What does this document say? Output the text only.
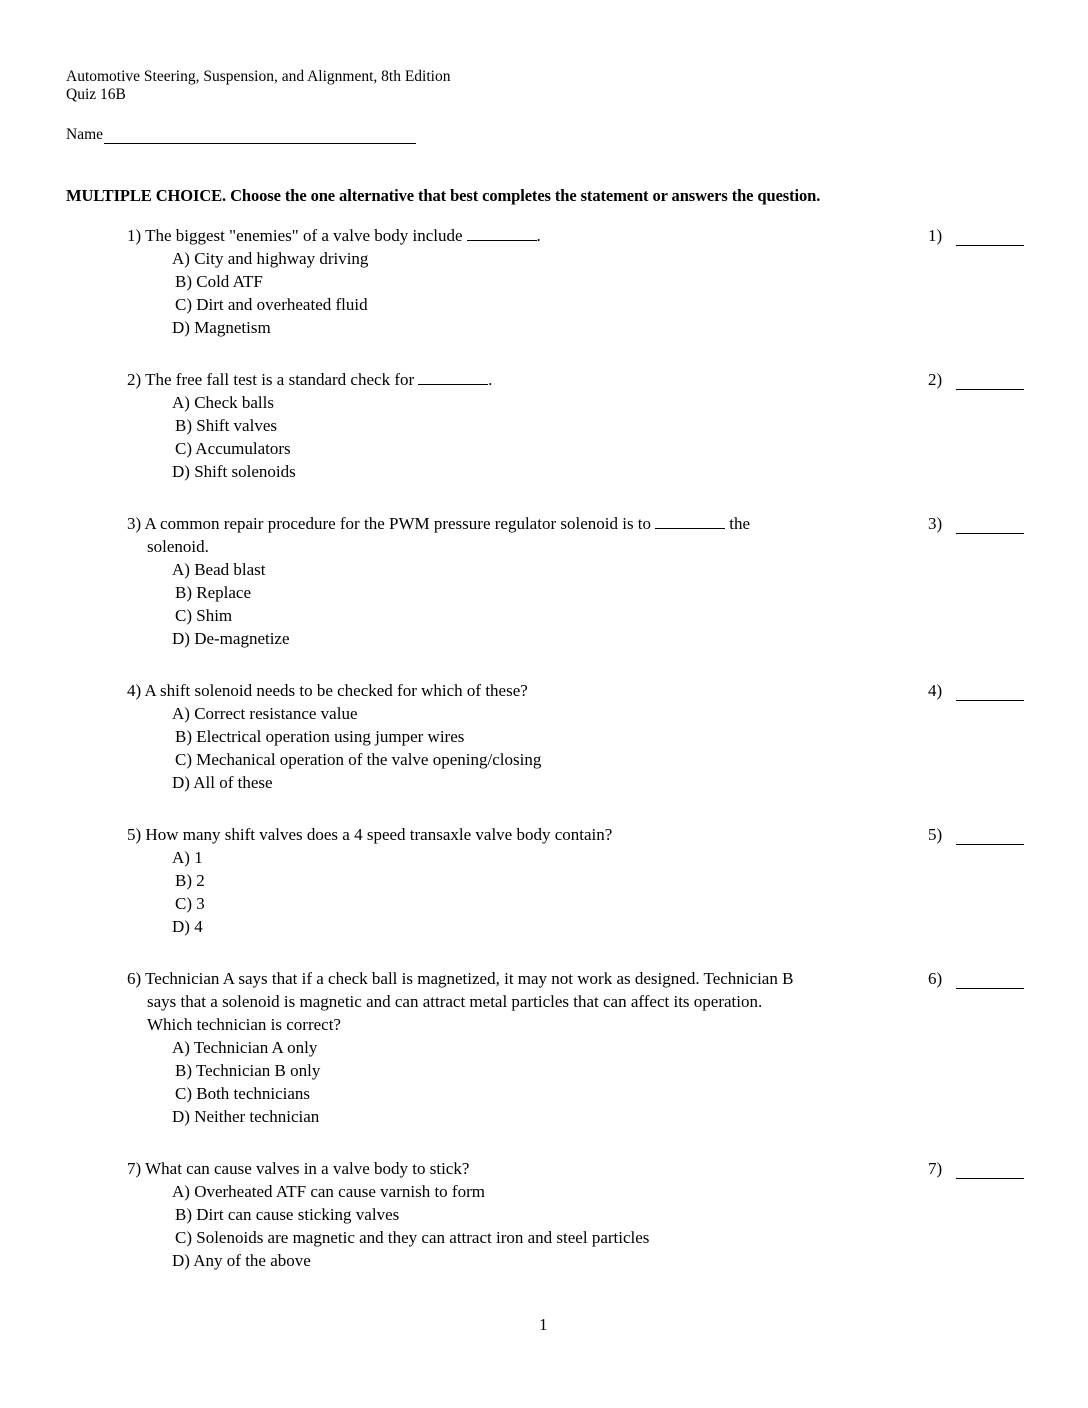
Automotive Steering, Suspension, and Alignment, 8th Edition
Quiz 16B
Name
MULTIPLE CHOICE. Choose the one alternative that best completes the statement or answers the question.
1) The biggest "enemies" of a valve body include	.
A) City and highway driving
B) Cold ATF
C) Dirt and overheated fluid
D) Magnetism
1)
2) The free fall test is a standard check for	.
A) Check balls
B) Shift valves
C) Accumulators
D) Shift solenoids
2)
3) A common repair procedure for the PWM pressure regulator solenoid is to	the
solenoid.
A) Bead blast
B) Replace
C) Shim
D) De-magnetize
3)
4) A shift solenoid needs to be checked for which of these?
A) Correct resistance value
B) Electrical operation using jumper wires
C) Mechanical operation of the valve opening/closing
D) All of these
4)
5) How many shift valves does a 4 speed transaxle valve body contain?
A) 1
B) 2
C) 3
D) 4
5)
6) Technician A says that if a check ball is magnetized, it may not work as designed. Technician B
says that a solenoid is magnetic and can attract metal particles that can affect its operation.
Which technician is correct?
A) Technician A only
B) Technician B only
C) Both technicians
D) Neither technician
6)
7) What can cause valves in a valve body to stick?
A) Overheated ATF can cause varnish to form
B) Dirt can cause sticking valves
C) Solenoids are magnetic and they can attract iron and steel particles
D) Any of the above
7)
1
